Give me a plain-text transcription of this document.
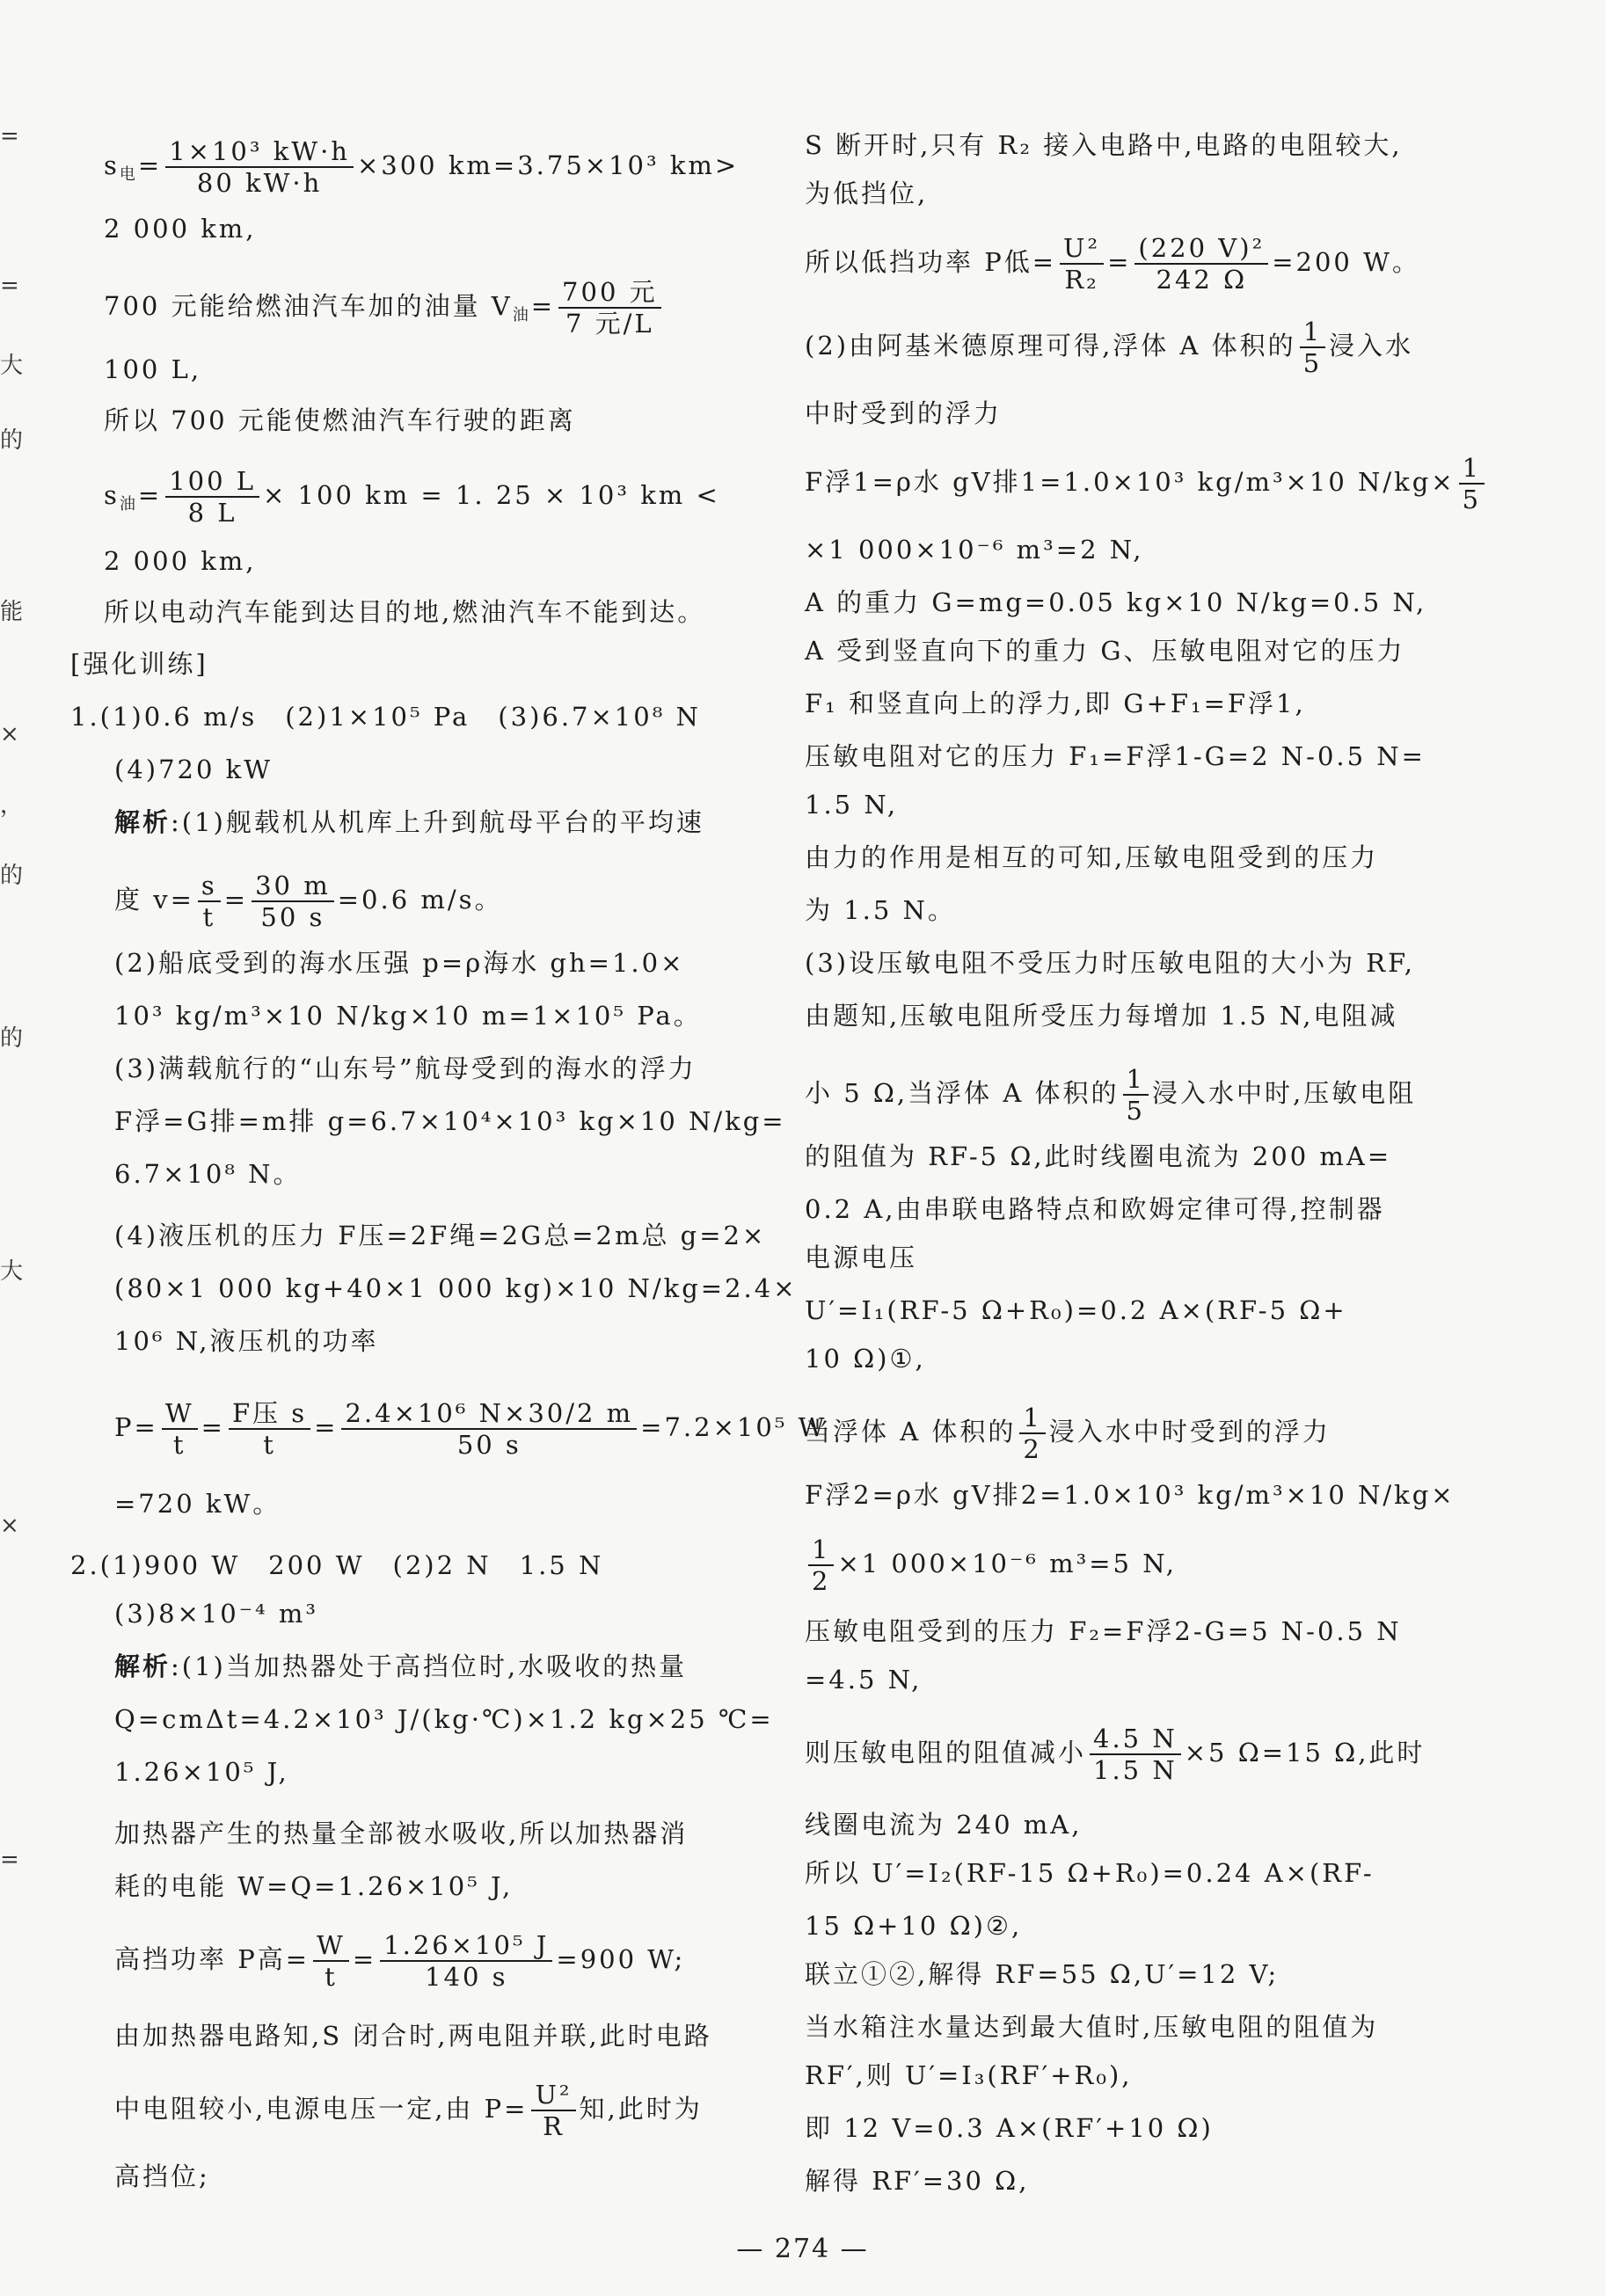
=
=
大
的
能
×
，
的
的
大
×
=
$s_电= \frac{\text{1×10³ kW·h}}{80 kW\cdot h} \times 300$ km=3.75×10³ km>
2 000 km,
700 元能给燃油汽车加的油量 $V_油= \frac{\text{700 元}}{\text{7 元/L}}$
100 L,
所以 700 元能使燃油汽车行驶的距离
$s_油= \frac{100 L}{8 L} \times 100$ km = 1. 25 × 10³ km <
2 000 km,
所以电动汽车能到达目的地,燃油汽车不能到达。
[强化训练]
1.(1)0.6 m/s　(2)1×10⁵ Pa　(3)6.7×10⁸ N
(4)720 kW
解析:(1)舰载机从机库上升到航母平台的平均速
度 $v= \frac{s}{t} = \frac{30 m}{50 s} =0.6$ m/s。
(2)船底受到的海水压强 p=ρ海水 gh=1.0×
10³ kg/m³×10 N/kg×10 m=1×10⁵ Pa。
(3)满载航行的“山东号”航母受到的海水的浮力
F浮=G排=m排 g=6.7×10⁴×10³ kg×10 N/kg=
6.7×10⁸ N。
(4)液压机的压力 F压=2F绳=2G总=2m总 g=2×
(80×1 000 kg+40×1 000 kg)×10 N/kg=2.4×
10⁶ N,液压机的功率
$P= \frac{W}{t} = \frac{\text{F压 s}}{t} = \frac{\text{2.4×10⁶ N×30/2 m}}{50 s} =7.2\times 10^5$ W
=720 kW。
2.(1)900 W　200 W　(2)2 N　1.5 N
(3)8×10⁻⁴ m³
解析:(1)当加热器处于高挡位时,水吸收的热量
Q=cmΔt=4.2×10³ J/(kg·℃)×1.2 kg×25 ℃=
1.26×10⁵ J,
加热器产生的热量全部被水吸收,所以加热器消
耗的电能 W=Q=1.26×10⁵ J,
高挡功率 P高= $\frac{W}{t} = \frac{\text{1.26×10⁵ J}}{140 s} =900$ W;
由加热器电路知,S 闭合时,两电阻并联,此时电路
中电阻较小,电源电压一定,由 $P= \frac{\text{U²}}{R}$ 知,此时为
高挡位;
S 断开时,只有 R₂ 接入电路中,电路的电阻较大,
为低挡位,
所以低挡功率 P低= $\frac{\text{U²}}{\text{R₂}} = \frac{\text{(220 V)²}}{242 \Omega} =200$ W。
(2)由阿基米德原理可得,浮体 A 体积的 $\frac{1}{5}$ 浸入水
中时受到的浮力
F浮1=ρ水 gV排1=1.0×10³ kg/m³×10 $N/kg\times \frac{1}{5}$
×1 000×10⁻⁶ m³=2 N,
A 的重力 G=mg=0.05 kg×10 N/kg=0.5 N,
A 受到竖直向下的重力 G、压敏电阻对它的压力
F₁ 和竖直向上的浮力,即 G+F₁=F浮1,
压敏电阻对它的压力 F₁=F浮1-G=2 N-0.5 N=
1.5 N,
由力的作用是相互的可知,压敏电阻受到的压力
为 1.5 N。
(3)设压敏电阻不受压力时压敏电阻的大小为 RF,
由题知,压敏电阻所受压力每增加 1.5 N,电阻减
小 5 Ω,当浮体 A 体积的 $\frac{1}{5}$ 浸入水中时,压敏电阻
的阻值为 RF-5 Ω,此时线圈电流为 200 mA=
0.2 A,由串联电路特点和欧姆定律可得,控制器
电源电压
U′=I₁(RF-5 Ω+R₀)=0.2 A×(RF-5 Ω+
10 Ω)①,
当浮体 A 体积的 $\frac{1}{2}$ 浸入水中时受到的浮力
F浮2=ρ水 gV排2=1.0×10³ kg/m³×10 N/kg×
$\frac{1}{2} \times 1$ 000×10⁻⁶ m³=5 N,
压敏电阻受到的压力 F₂=F浮2-G=5 N-0.5 N
=4.5 N,
则压敏电阻的阻值减小 $\frac{4.5 N}{1.5 N} \times 5$ Ω=15 Ω,此时
线圈电流为 240 mA,
所以 U′=I₂(RF-15 Ω+R₀)=0.24 A×(RF-
15 Ω+10 Ω)②,
联立①②,解得 RF=55 Ω,U′=12 V;
当水箱注水量达到最大值时,压敏电阻的阻值为
RF′,则 U′=I₃(RF′+R₀),
即 12 V=0.3 A×(RF′+10 Ω)
解得 RF′=30 Ω,
— 274 —
